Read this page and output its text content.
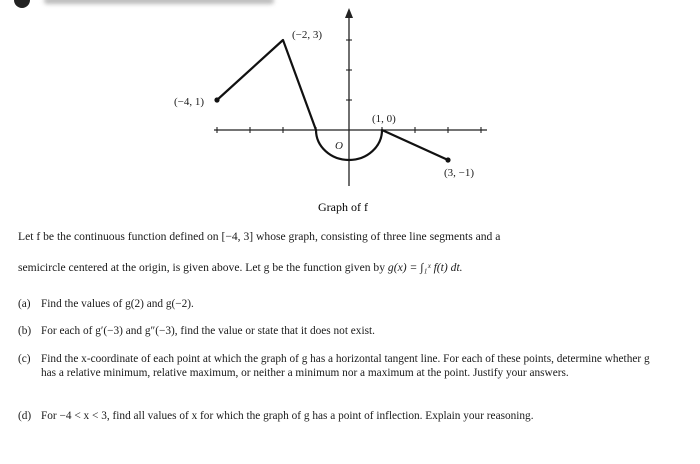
(−4, 1)
(−2, 3)
(1, 0)
(3, −1)
O
Graph of f
Let f be the continuous function defined on [−4, 3] whose graph, consisting of three line segments and a
semicircle centered at the origin, is given above. Let g be the function given by g(x) = ∫₁ˣ f(t) dt.
(a) Find the values of g(2) and g(−2).
(b) For each of g′(−3) and g″(−3), find the value or state that it does not exist.
(c) Find the x-coordinate of each point at which the graph of g has a horizontal tangent line. For each of these points, determine whether g has a relative minimum, relative maximum, or neither a minimum nor a maximum at the point. Justify your answers.
(d) For −4 < x < 3, find all values of x for which the graph of g has a point of inflection. Explain your reasoning.
